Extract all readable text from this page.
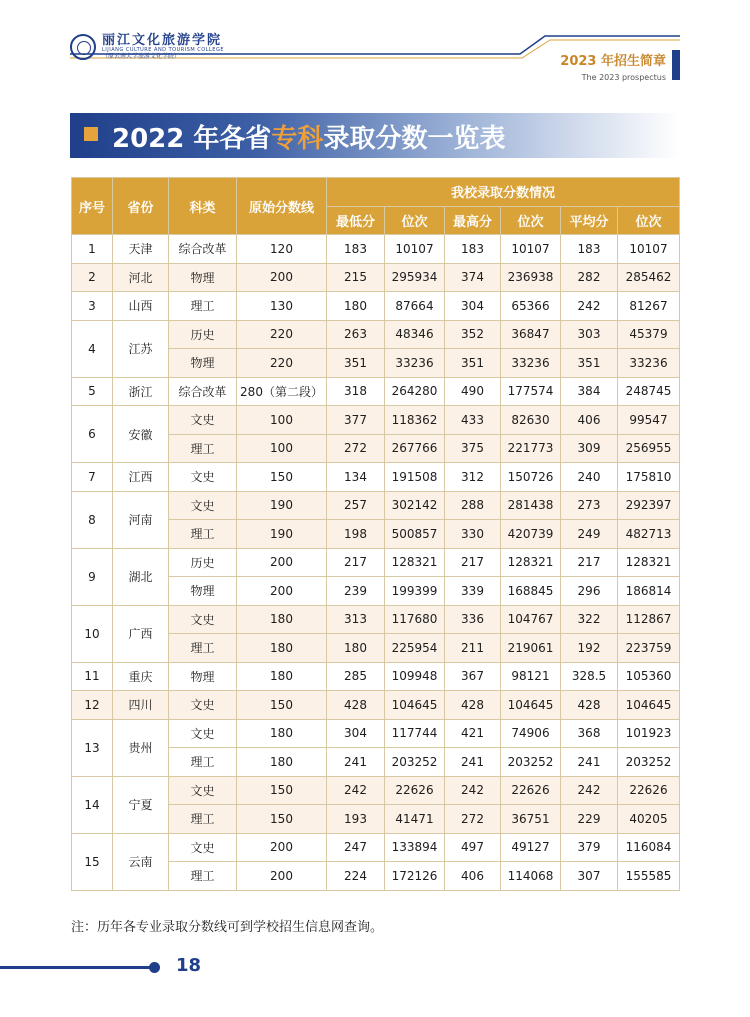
丽江文化旅游学院
LIJIANG CULTURE AND TOURISM COLLEGE
（原云南大学旅游文化学院）	2023 年招生简章
The 2023 prospectus
2022 年各省专科录取分数一览表
序号	省份	科类	原始分数线	我校录取分数情况					
				最低分	位次	最高分	位次	平均分	位次
1	天津	综合改革	120	183	10107	183	10107	183	10107
2	河北	物理	200	215	295934	374	236938	282	285462
3	山西	理工	130	180	87664	304	65366	242	81267
4	江苏	历史	220	263	48346	352	36847	303	45379
		物理	220	351	33236	351	33236	351	33236
5	浙江	综合改革	280（第二段）	318	264280	490	177574	384	248745
6	安徽	文史	100	377	118362	433	82630	406	99547
		理工	100	272	267766	375	221773	309	256955
7	江西	文史	150	134	191508	312	150726	240	175810
8	河南	文史	190	257	302142	288	281438	273	292397
		理工	190	198	500857	330	420739	249	482713
9	湖北	历史	200	217	128321	217	128321	217	128321
		物理	200	239	199399	339	168845	296	186814
10	广西	文史	180	313	117680	336	104767	322	112867
		理工	180	180	225954	211	219061	192	223759
11	重庆	物理	180	285	109948	367	98121	328.5	105360
12	四川	文史	150	428	104645	428	104645	428	104645
13	贵州	文史	180	304	117744	421	74906	368	101923
		理工	180	241	203252	241	203252	241	203252
14	宁夏	文史	150	242	22626	242	22626	242	22626
		理工	150	193	41471	272	36751	229	40205
15	云南	文史	200	247	133894	497	49127	379	116084
		理工	200	224	172126	406	114068	307	155585
注：历年各专业录取分数线可到学校招生信息网查询。
18
